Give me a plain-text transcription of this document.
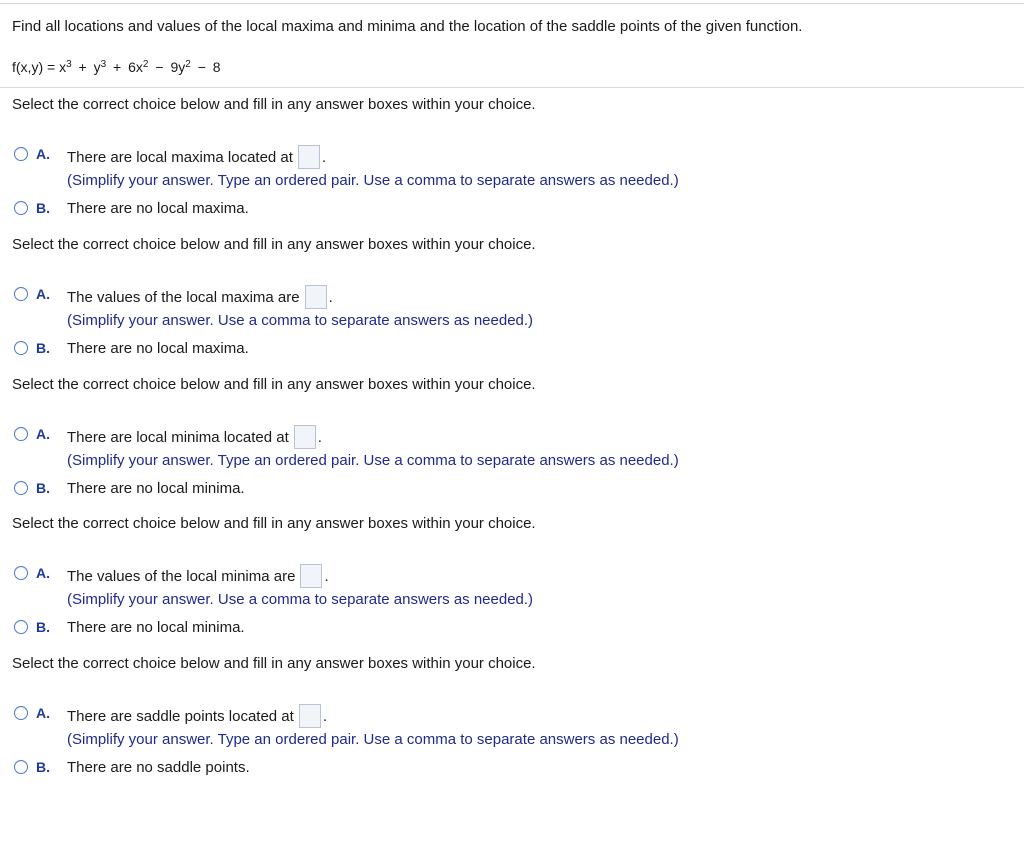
Find all locations and values of the local maxima and minima and the location of the saddle points of the given function.
$f(x,y) = x^3 + y^3 + 6x^2 - 9y^2 - 8$
Select the correct choice below and fill in any answer boxes within your choice.
A. There are local maxima located at .
(Simplify your answer. Type an ordered pair. Use a comma to separate answers as needed.)
B. There are no local maxima.
Select the correct choice below and fill in any answer boxes within your choice.
A. The values of the local maxima are .
(Simplify your answer. Use a comma to separate answers as needed.)
B. There are no local maxima.
Select the correct choice below and fill in any answer boxes within your choice.
A. There are local minima located at .
(Simplify your answer. Type an ordered pair. Use a comma to separate answers as needed.)
B. There are no local minima.
Select the correct choice below and fill in any answer boxes within your choice.
A. The values of the local minima are .
(Simplify your answer. Use a comma to separate answers as needed.)
B. There are no local minima.
Select the correct choice below and fill in any answer boxes within your choice.
A. There are saddle points located at .
(Simplify your answer. Type an ordered pair. Use a comma to separate answers as needed.)
B. There are no saddle points.
